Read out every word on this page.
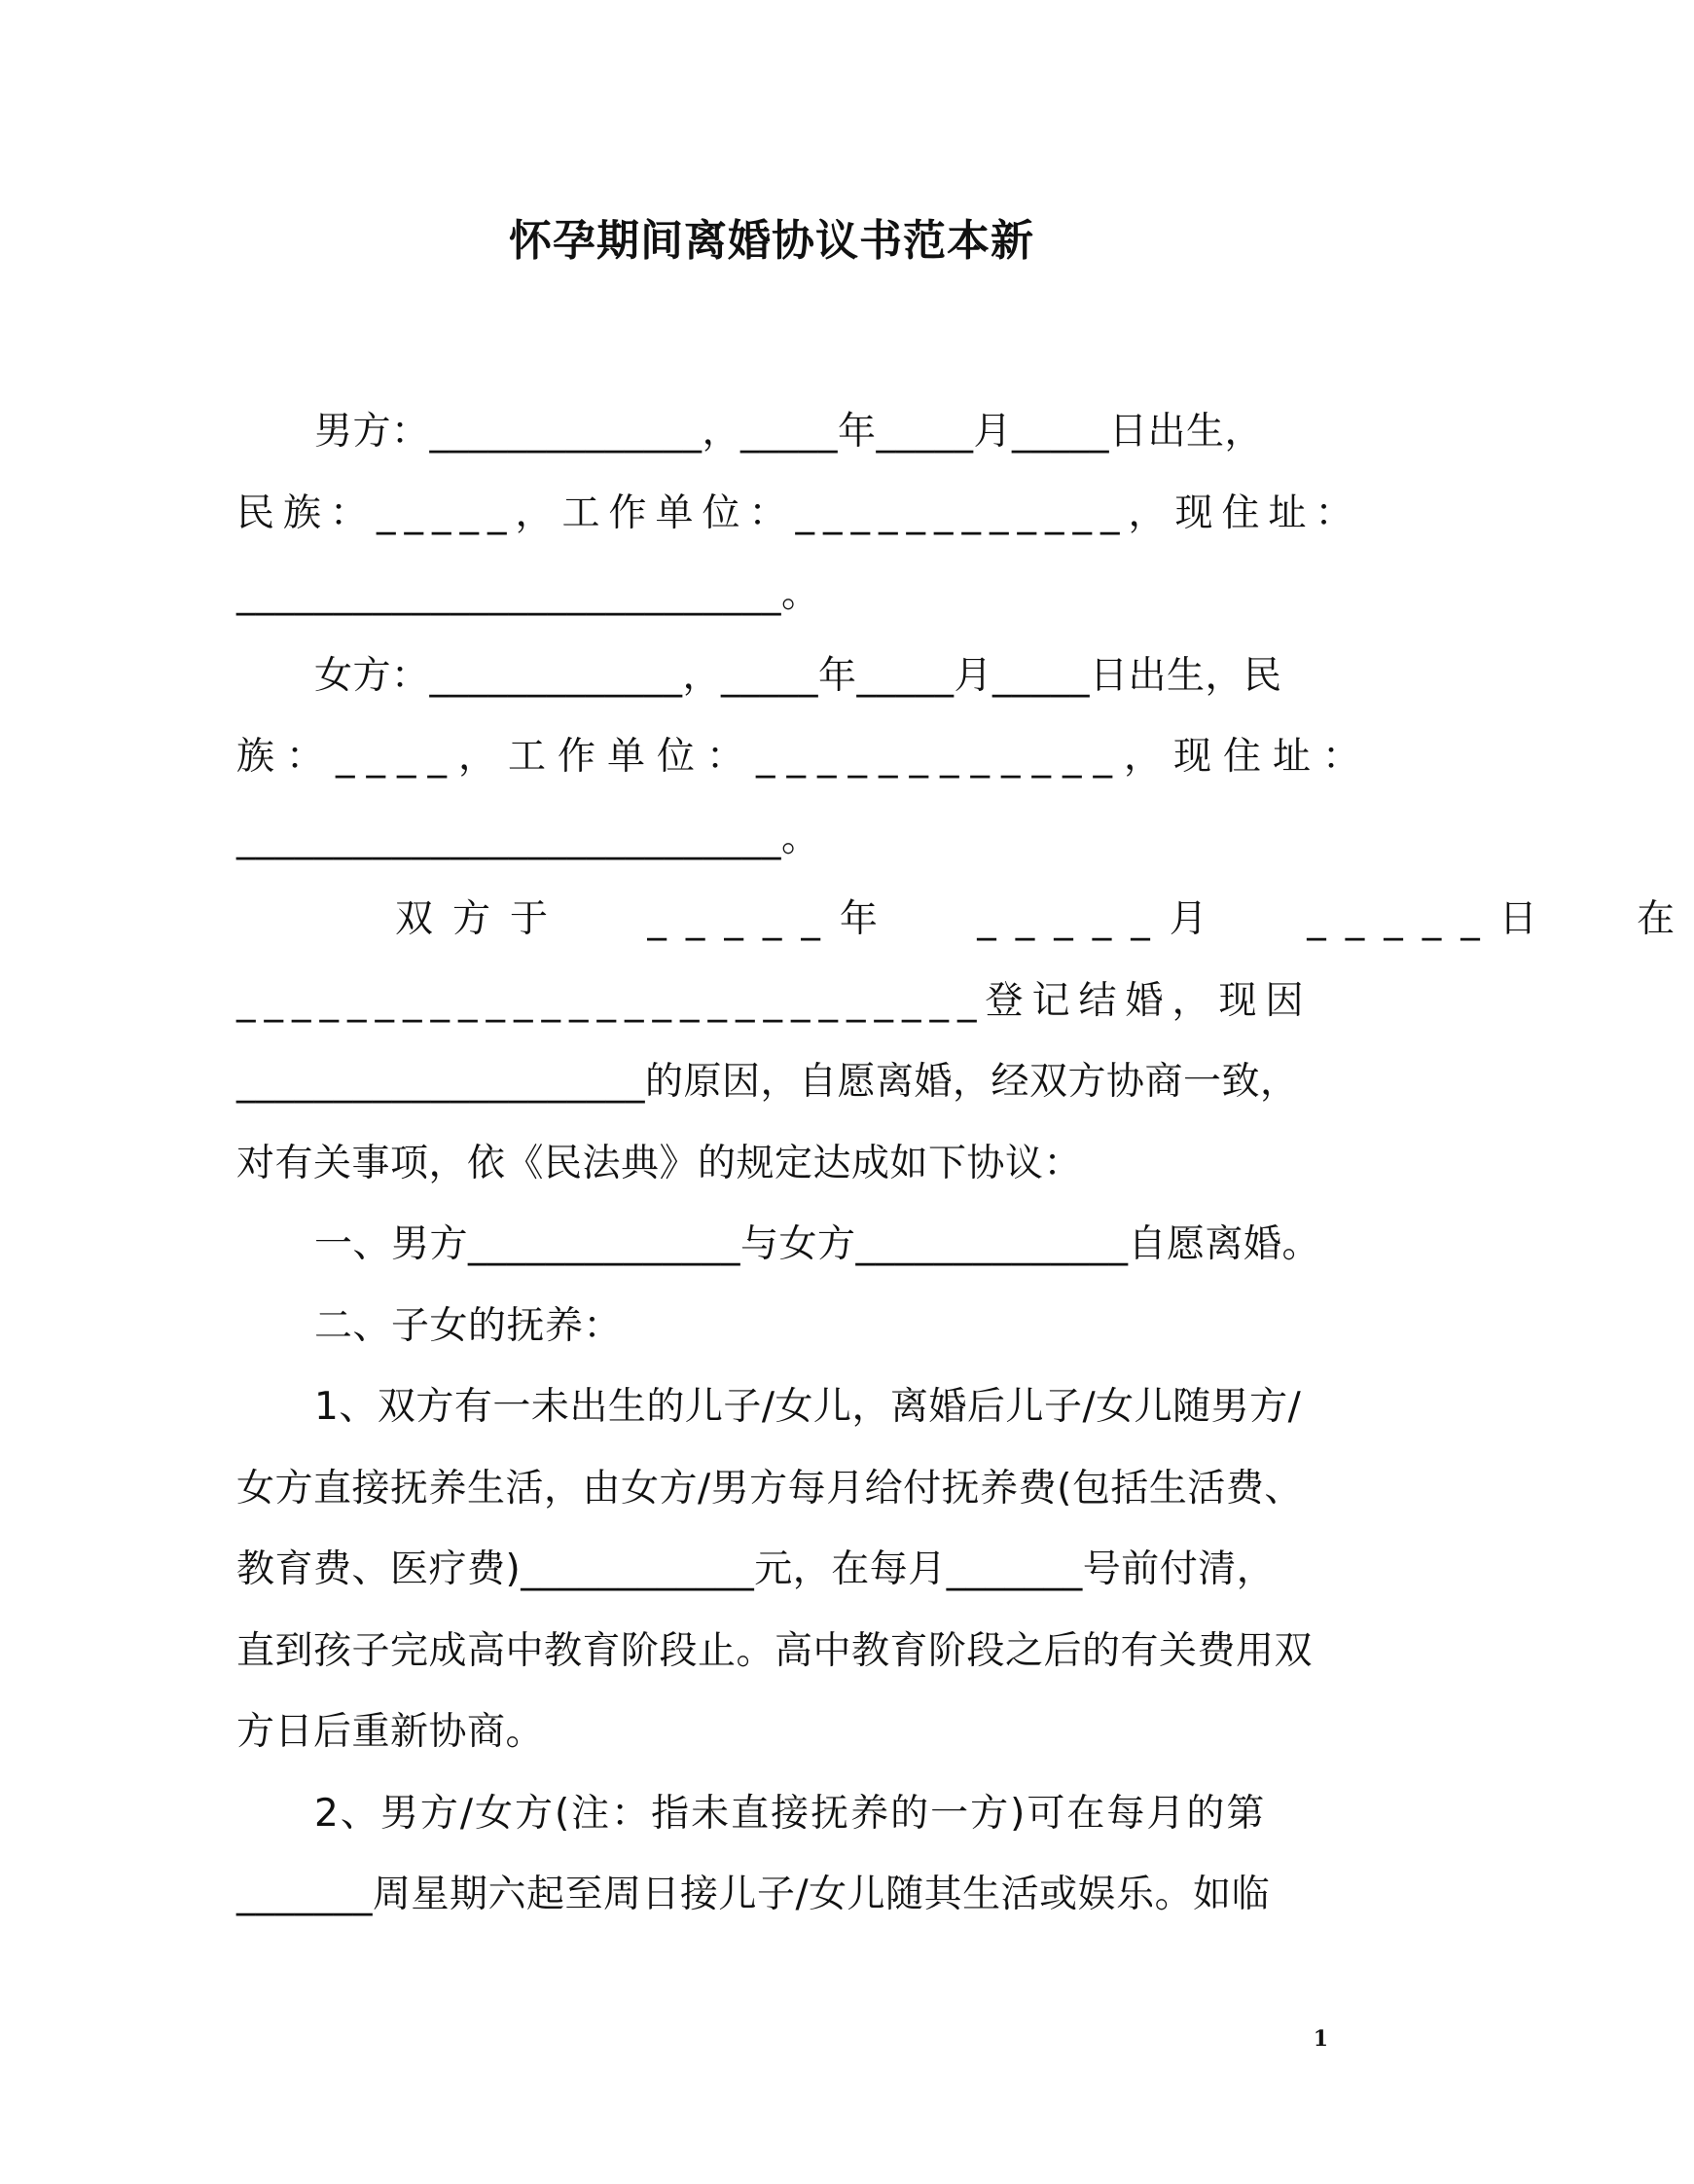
怀孕期间离婚协议书范本新
男方：______________，_____年_____月_____日出生，
民族：_____，工作单位：____________，现住址：
____________________________。
女方：_____________，_____年_____月_____日出生，民
族：____，工作单位：____________，现住址：
____________________________。
双方于 _____年 _____月 _____日 在
___________________________登记结婚，现因
_____________________的原因，自愿离婚，经双方协商一致，
对有关事项，依《民法典》的规定达成如下协议：
一、男方______________与女方______________自愿离婚。
二、子女的抚养：
1、双方有一未出生的儿子/女儿，离婚后儿子/女儿随男方/
女方直接抚养生活，由女方/男方每月给付抚养费(包括生活费、
教育费、医疗费)____________元，在每月_______号前付清，
直到孩子完成高中教育阶段止。高中教育阶段之后的有关费用双
方日后重新协商。
2、男方/女方(注：指未直接抚养的一方)可在每月的第
_______周星期六起至周日接儿子/女儿随其生活或娱乐。如临
1
